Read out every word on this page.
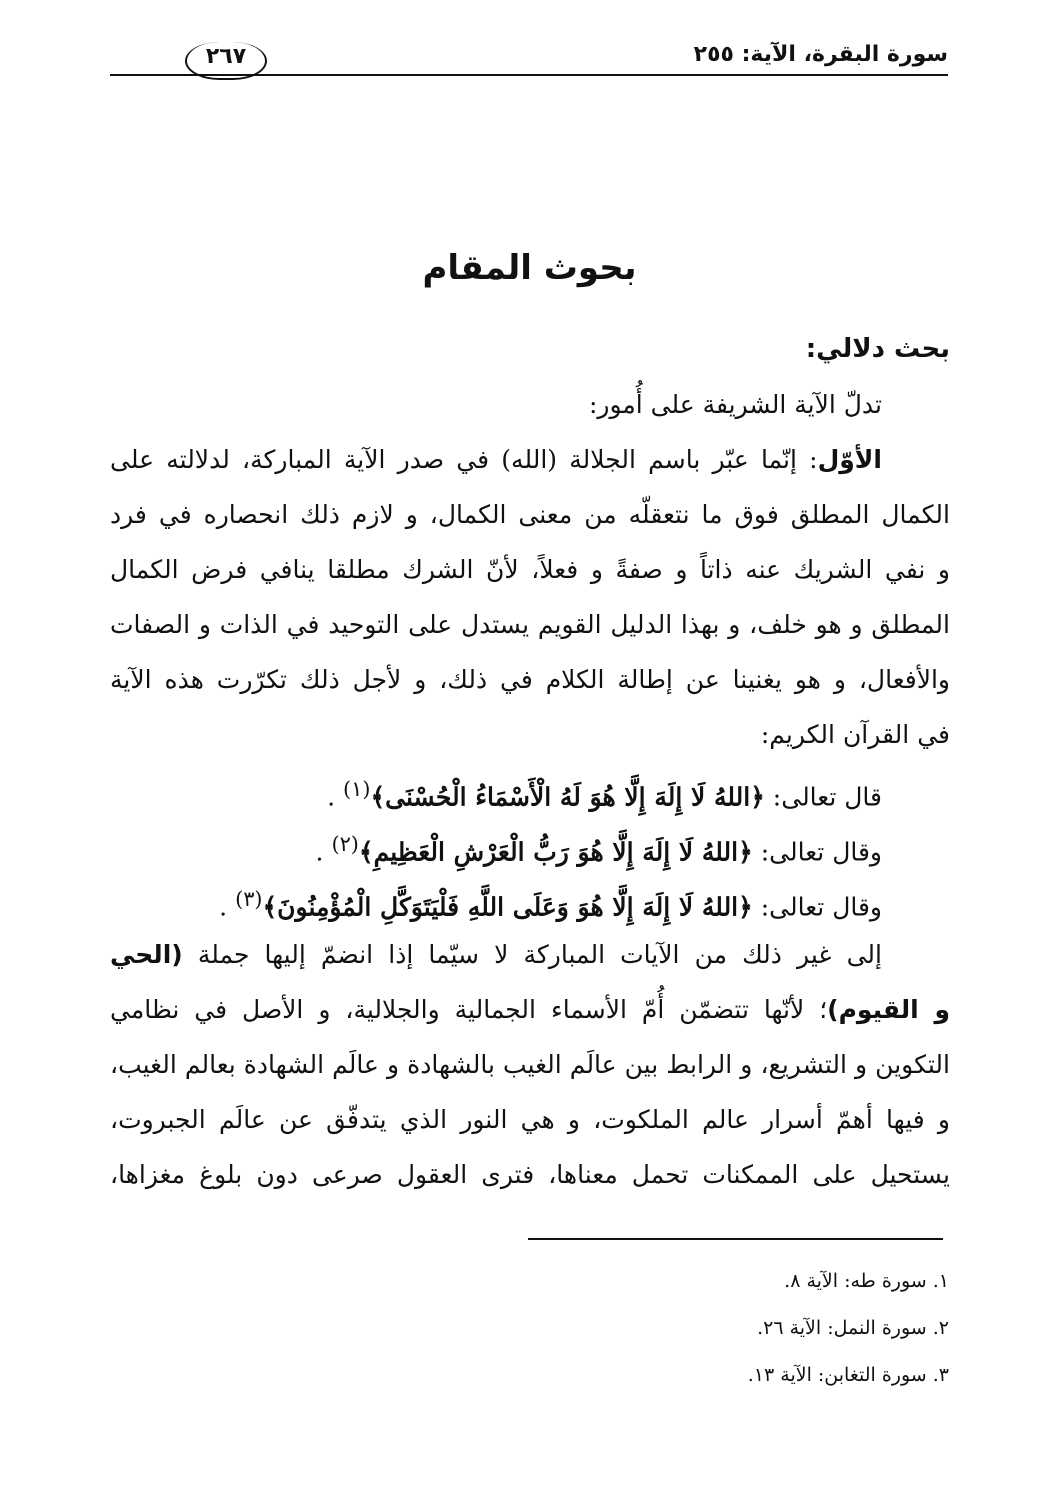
سورة البقرة، الآية: ٢٥٥
٢٦٧
بحوث المقام
بحث دلالي:
تدلّ الآية الشريفة على أُمور:
الأوّل: إنّما عبّر باسم الجلالة (الله) في صدر الآية المباركة، لدلالته على
الكمال المطلق فوق ما نتعقلّه من معنى الكمال، و لازم ذلك انحصاره في فرد
و نفي الشريك عنه ذاتاً و صفةً و فعلاً، لأنّ الشرك مطلقا ينافي فرض الكمال
المطلق و هو خلف، و بهذا الدليل القويم يستدل على التوحيد في الذات و الصفات
والأفعال، و هو يغنينا عن إطالة الكلام في ذلك، و لأجل ذلك تكرّرت هذه الآية
في القرآن الكريم:
قال تعالى: ﴿اللهُ لَا إِلَهَ إِلَّا هُوَ لَهُ الْأَسْمَاءُ الْحُسْنَى﴾$^{(١)}$ .
وقال تعالى: ﴿اللهُ لَا إِلَهَ إِلَّا هُوَ رَبُّ الْعَرْشِ الْعَظِيمِ﴾$^{(٢)}$ .
وقال تعالى: ﴿اللهُ لَا إِلَهَ إِلَّا هُوَ وَعَلَى اللَّهِ فَلْيَتَوَكَّلِ الْمُؤْمِنُونَ﴾$^{(٣)}$ .
إلى غير ذلك من الآيات المباركة لا سيّما إذا انضمّ إليها جملة (الحي
و القيوم)؛ لأنّها تتضمّن أُمّ الأسماء الجمالية والجلالية، و الأصل في نظامي
التكوين و التشريع، و الرابط بين عالَم الغيب بالشهادة و عالَم الشهادة بعالم الغيب،
و فيها أهمّ أسرار عالم الملكوت، و هي النور الذي يتدفّق عن عالَم الجبروت،
يستحيل على الممكنات تحمل معناها، فترى العقول صرعى دون بلوغ مغزاها،
١. سورة طه: الآية ٨.
٢. سورة النمل: الآية ٢٦.
٣. سورة التغابن: الآية ١٣.
